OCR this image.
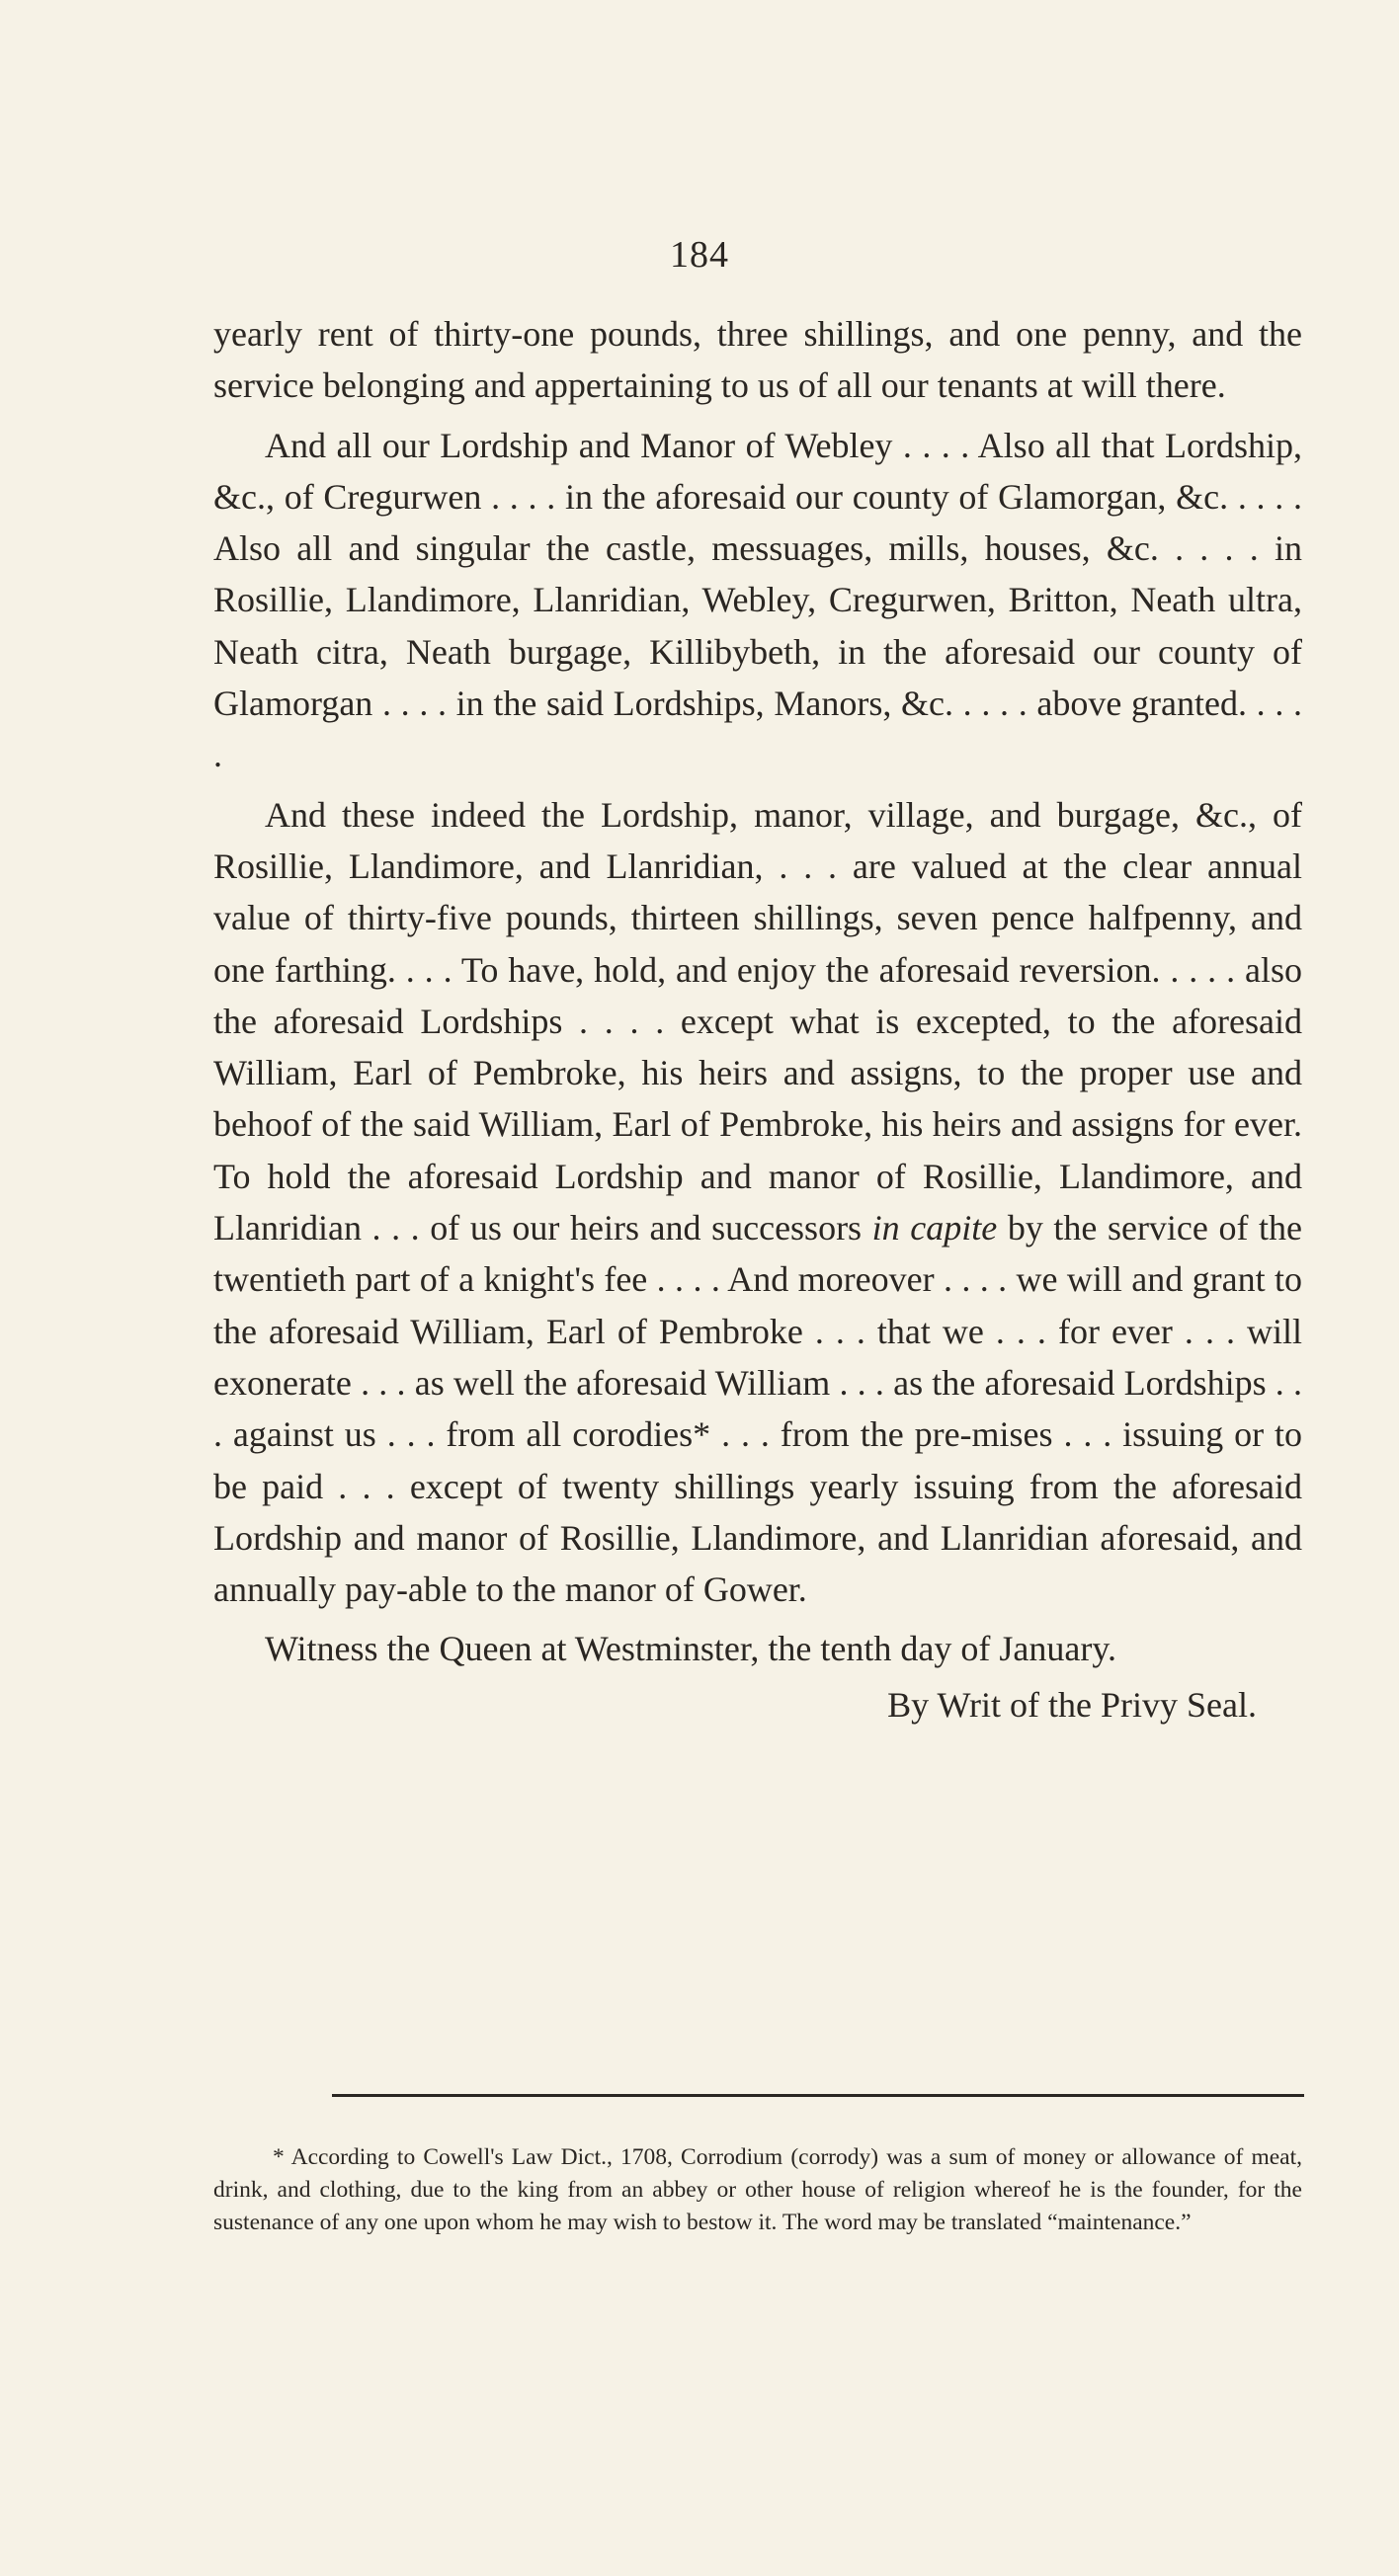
184

yearly rent of thirty-one pounds, three shillings, and one penny, and the service belonging and appertaining to us of all our tenants at will there.

And all our Lordship and Manor of Webley . . . . Also all that Lordship, &c., of Cregurwen . . . . in the aforesaid our county of Glamorgan, &c. . . . . Also all and singular the castle, messuages, mills, houses, &c. . . . . in Rosillie, Llandimore, Llanridian, Webley, Cregurwen, Britton, Neath ultra, Neath citra, Neath burgage, Killibybeth, in the aforesaid our county of Glamorgan . . . . in the said Lordships, Manors, &c. . . . . above granted. . . . .

And these indeed the Lordship, manor, village, and burgage, &c., of Rosillie, Llandimore, and Llanridian, . . . are valued at the clear annual value of thirty-five pounds, thirteen shillings, seven pence halfpenny, and one farthing. . . . To have, hold, and enjoy the aforesaid reversion. . . . . also the aforesaid Lordships . . . . except what is excepted, to the aforesaid William, Earl of Pembroke, his heirs and assigns, to the proper use and behoof of the said William, Earl of Pembroke, his heirs and assigns for ever. To hold the aforesaid Lordship and manor of Rosillie, Llandimore, and Llanridian . . . of us our heirs and successors in capite by the service of the twentieth part of a knight's fee . . . . And moreover . . . . we will and grant to the aforesaid William, Earl of Pembroke . . . that we . . . for ever . . . will exonerate . . . as well the aforesaid William . . . as the aforesaid Lordships . . . against us . . . from all corodies* . . . from the pre-mises . . . issuing or to be paid . . . except of twenty shillings yearly issuing from the aforesaid Lordship and manor of Rosillie, Llandimore, and Llanridian aforesaid, and annually pay-able to the manor of Gower.

Witness the Queen at Westminster, the tenth day of January.

By Writ of the Privy Seal.

* According to Cowell's Law Dict., 1708, Corrodium (corrody) was a sum of money or allowance of meat, drink, and clothing, due to the king from an abbey or other house of religion whereof he is the founder, for the sustenance of any one upon whom he may wish to bestow it. The word may be translated “maintenance.”
